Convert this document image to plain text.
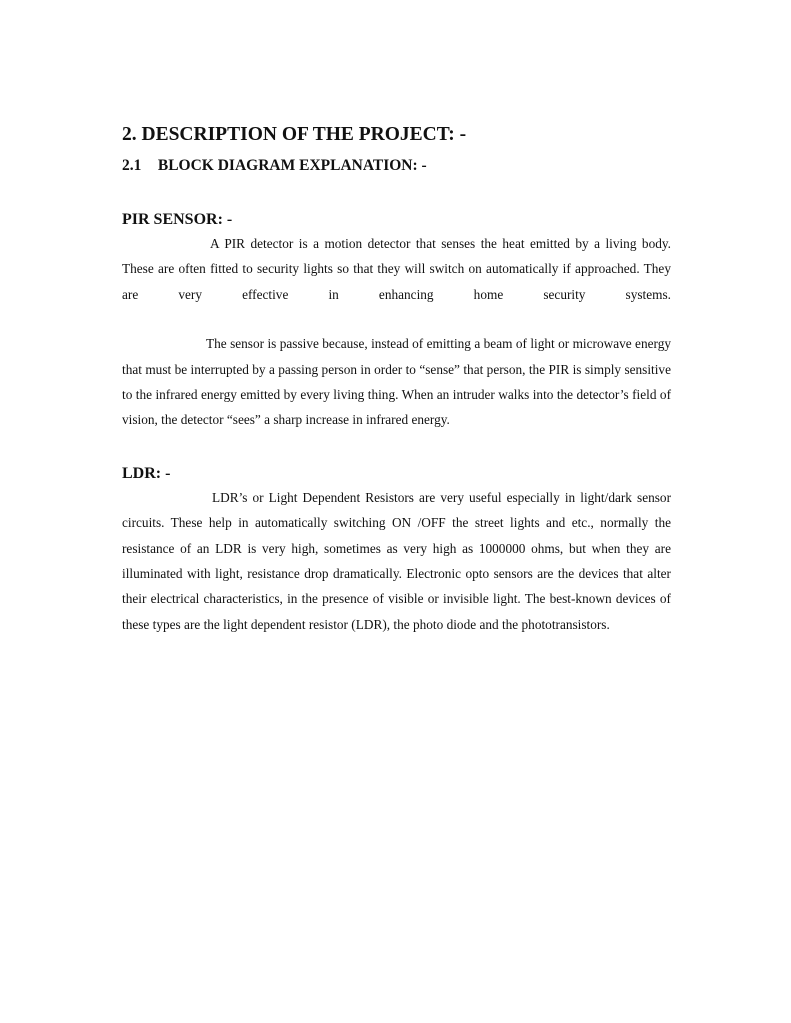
2. DESCRIPTION OF THE PROJECT: -
2.1 BLOCK DIAGRAM EXPLANATION: -
PIR SENSOR: -

A PIR detector is a motion detector that senses the heat emitted by a living body. These are often fitted to security lights so that they will switch on automatically if approached. They are very effective in enhancing home security systems.

The sensor is passive because, instead of emitting a beam of light or microwave energy that must be interrupted by a passing person in order to “sense” that person, the PIR is simply sensitive to the infrared energy emitted by every living thing. When an intruder walks into the detector’s field of vision, the detector “sees” a sharp increase in infrared energy.

LDR: -

LDR’s or Light Dependent Resistors are very useful especially in light/dark sensor circuits. These help in automatically switching ON /OFF the street lights and etc., normally the resistance of an LDR is very high, sometimes as very high as 1000000 ohms, but when they are illuminated with light, resistance drop dramatically. Electronic opto sensors are the devices that alter their electrical characteristics, in the presence of visible or invisible light. The best-known devices of these types are the light dependent resistor (LDR), the photo diode and the phototransistors.
